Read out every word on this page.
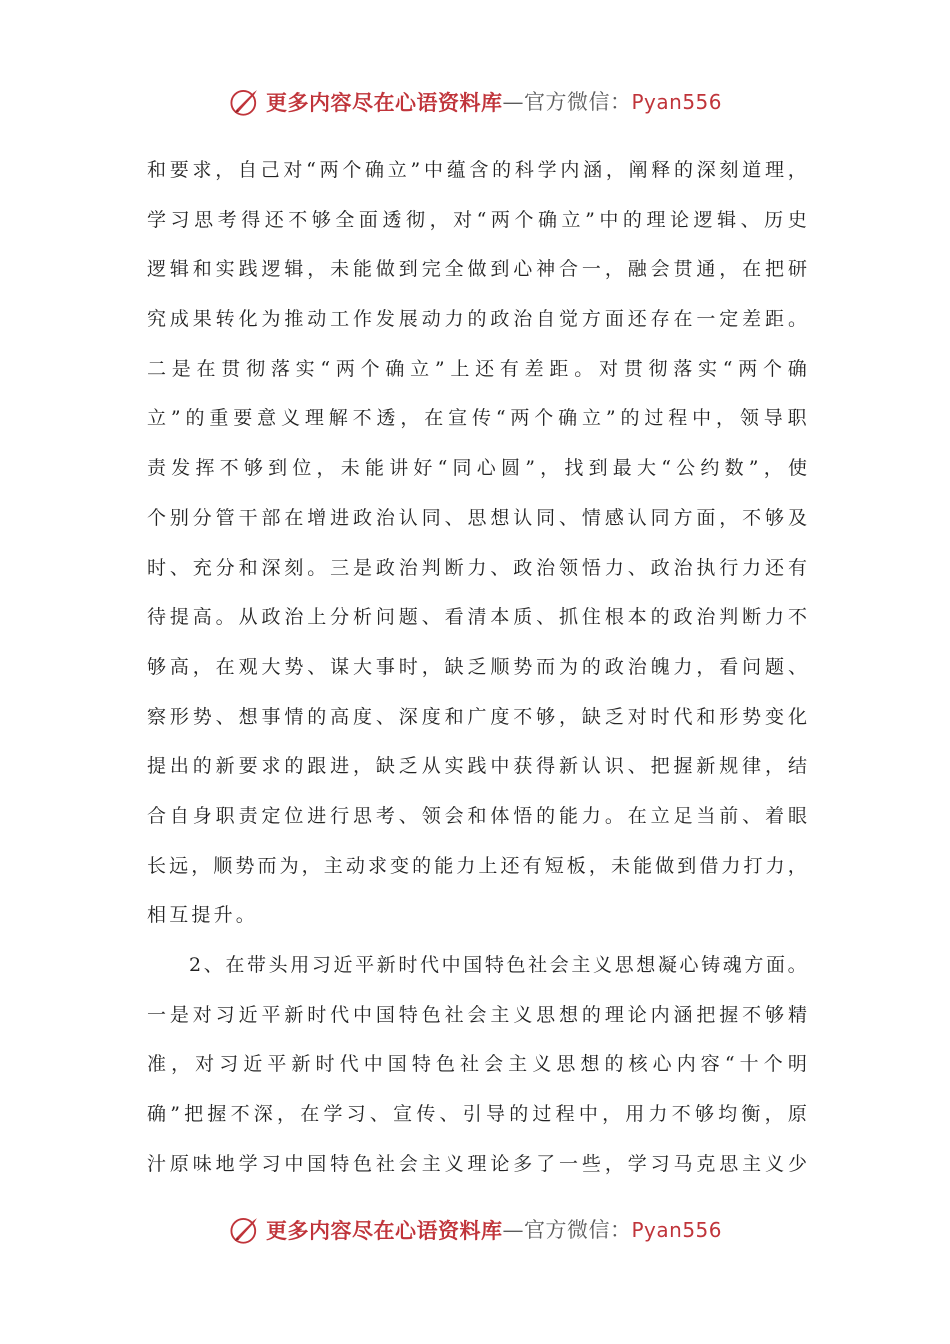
更多内容尽在心语资料库 — 官方微信： Pyan556
和 要 求 ， 自 己 对 “ 两 个 确 立 ” 中 蕴 含 的 科 学 内 涵 ， 阐 释 的 深 刻 道 理 ，
学 习 思 考 得 还 不 够 全 面 透 彻 ， 对 “ 两 个 确 立 ” 中 的 理 论 逻 辑 、 历 史
逻 辑 和 实 践 逻 辑 ， 未 能 做 到 完 全 做 到 心 神 合 一 ， 融 会 贯 通 ， 在 把 研
究 成 果 转 化 为 推 动 工 作 发 展 动 力 的 政 治 自 觉 方 面 还 存 在 一 定 差 距 。
二 是 在 贯 彻 落 实 “ 两 个 确 立 ” 上 还 有 差 距 。 对 贯 彻 落 实 “ 两 个 确
立 ” 的 重 要 意 义 理 解 不 透 ， 在 宣 传 “ 两 个 确 立 ” 的 过 程 中 ， 领 导 职
责 发 挥 不 够 到 位 ， 未 能 讲 好 “ 同 心 圆 ” ， 找 到 最 大 “ 公 约 数 ” ， 使
个 别 分 管 干 部 在 增 进 政 治 认 同 、 思 想 认 同 、 情 感 认 同 方 面 ， 不 够 及
时 、 充 分 和 深 刻 。 三 是 政 治 判 断 力 、 政 治 领 悟 力 、 政 治 执 行 力 还 有
待 提 高 。 从 政 治 上 分 析 问 题 、 看 清 本 质 、 抓 住 根 本 的 政 治 判 断 力 不
够 高 ， 在 观 大 势 、 谋 大 事 时 ， 缺 乏 顺 势 而 为 的 政 治 魄 力 ， 看 问 题 、
察 形 势 、 想 事 情 的 高 度 、 深 度 和 广 度 不 够 ， 缺 乏 对 时 代 和 形 势 变 化
提 出 的 新 要 求 的 跟 进 ， 缺 乏 从 实 践 中 获 得 新 认 识 、 把 握 新 规 律 ， 结
合 自 身 职 责 定 位 进 行 思 考 、 领 会 和 体 悟 的 能 力 。 在 立 足 当 前 、 着 眼
长 远 ， 顺 势 而 为 ， 主 动 求 变 的 能 力 上 还 有 短 板 ， 未 能 做 到 借 力 打 力 ，
相互提升。
2 、 在 带 头 用 习 近 平 新 时 代 中 国 特 色 社 会 主 义 思 想 凝 心 铸 魂 方 面 。
一 是 对 习 近 平 新 时 代 中 国 特 色 社 会 主 义 思 想 的 理 论 内 涵 把 握 不 够 精
准 ， 对 习 近 平 新 时 代 中 国 特 色 社 会 主 义 思 想 的 核 心 内 容 “ 十 个 明
确 ” 把 握 不 深 ， 在 学 习 、 宣 传 、 引 导 的 过 程 中 ， 用 力 不 够 均 衡 ， 原
汁 原 味 地 学 习 中 国 特 色 社 会 主 义 理 论 多 了 一 些 ， 学 习 马 克 思 主 义 少
更多内容尽在心语资料库 — 官方微信： Pyan556
